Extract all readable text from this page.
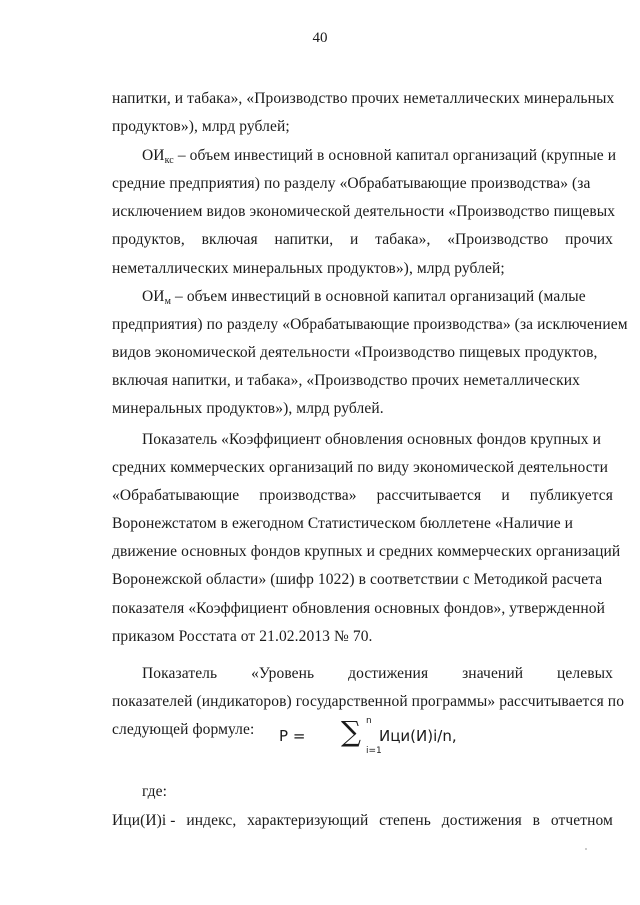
40
напитки, и табака», «Производство прочих неметаллических минеральных
продуктов»), млрд рублей;
$ОИ_{кс}$ – объем инвестиций в основной капитал организаций (крупные и
средние предприятия) по разделу «Обрабатывающие производства» (за
исключением видов экономической деятельности «Производство пищевых
продуктов, включая напитки, и табака», «Производство прочих
неметаллических минеральных продуктов»), млрд рублей;
$ОИ_м$ – объем инвестиций в основной капитал организаций (малые
предприятия) по разделу «Обрабатывающие производства» (за исключением
видов экономической деятельности «Производство пищевых продуктов,
включая напитки, и табака», «Производство прочих неметаллических
минеральных продуктов»), млрд рублей.
Показатель «Коэффициент обновления основных фондов крупных и
средних коммерческих организаций по виду экономической деятельности
«Обрабатывающие производства» рассчитывается и публикуется
Воронежстатом в ежегодном Статистическом бюллетене «Наличие и
движение основных фондов крупных и средних коммерческих организаций
Воронежской области» (шифр 1022) в соответствии с Методикой расчета
показателя «Коэффициент обновления основных фондов», утвержденной
приказом Росстата от 21.02.2013 № 70.
Показатель «Уровень достижения значений целевых
показателей (индикаторов) государственной программы» рассчитывается по
следующей формуле:
где:
Ици(И)i - индекс, характеризующий степень достижения в отчетном
P = ∑ n
i=1
Ици(И)i/n,
